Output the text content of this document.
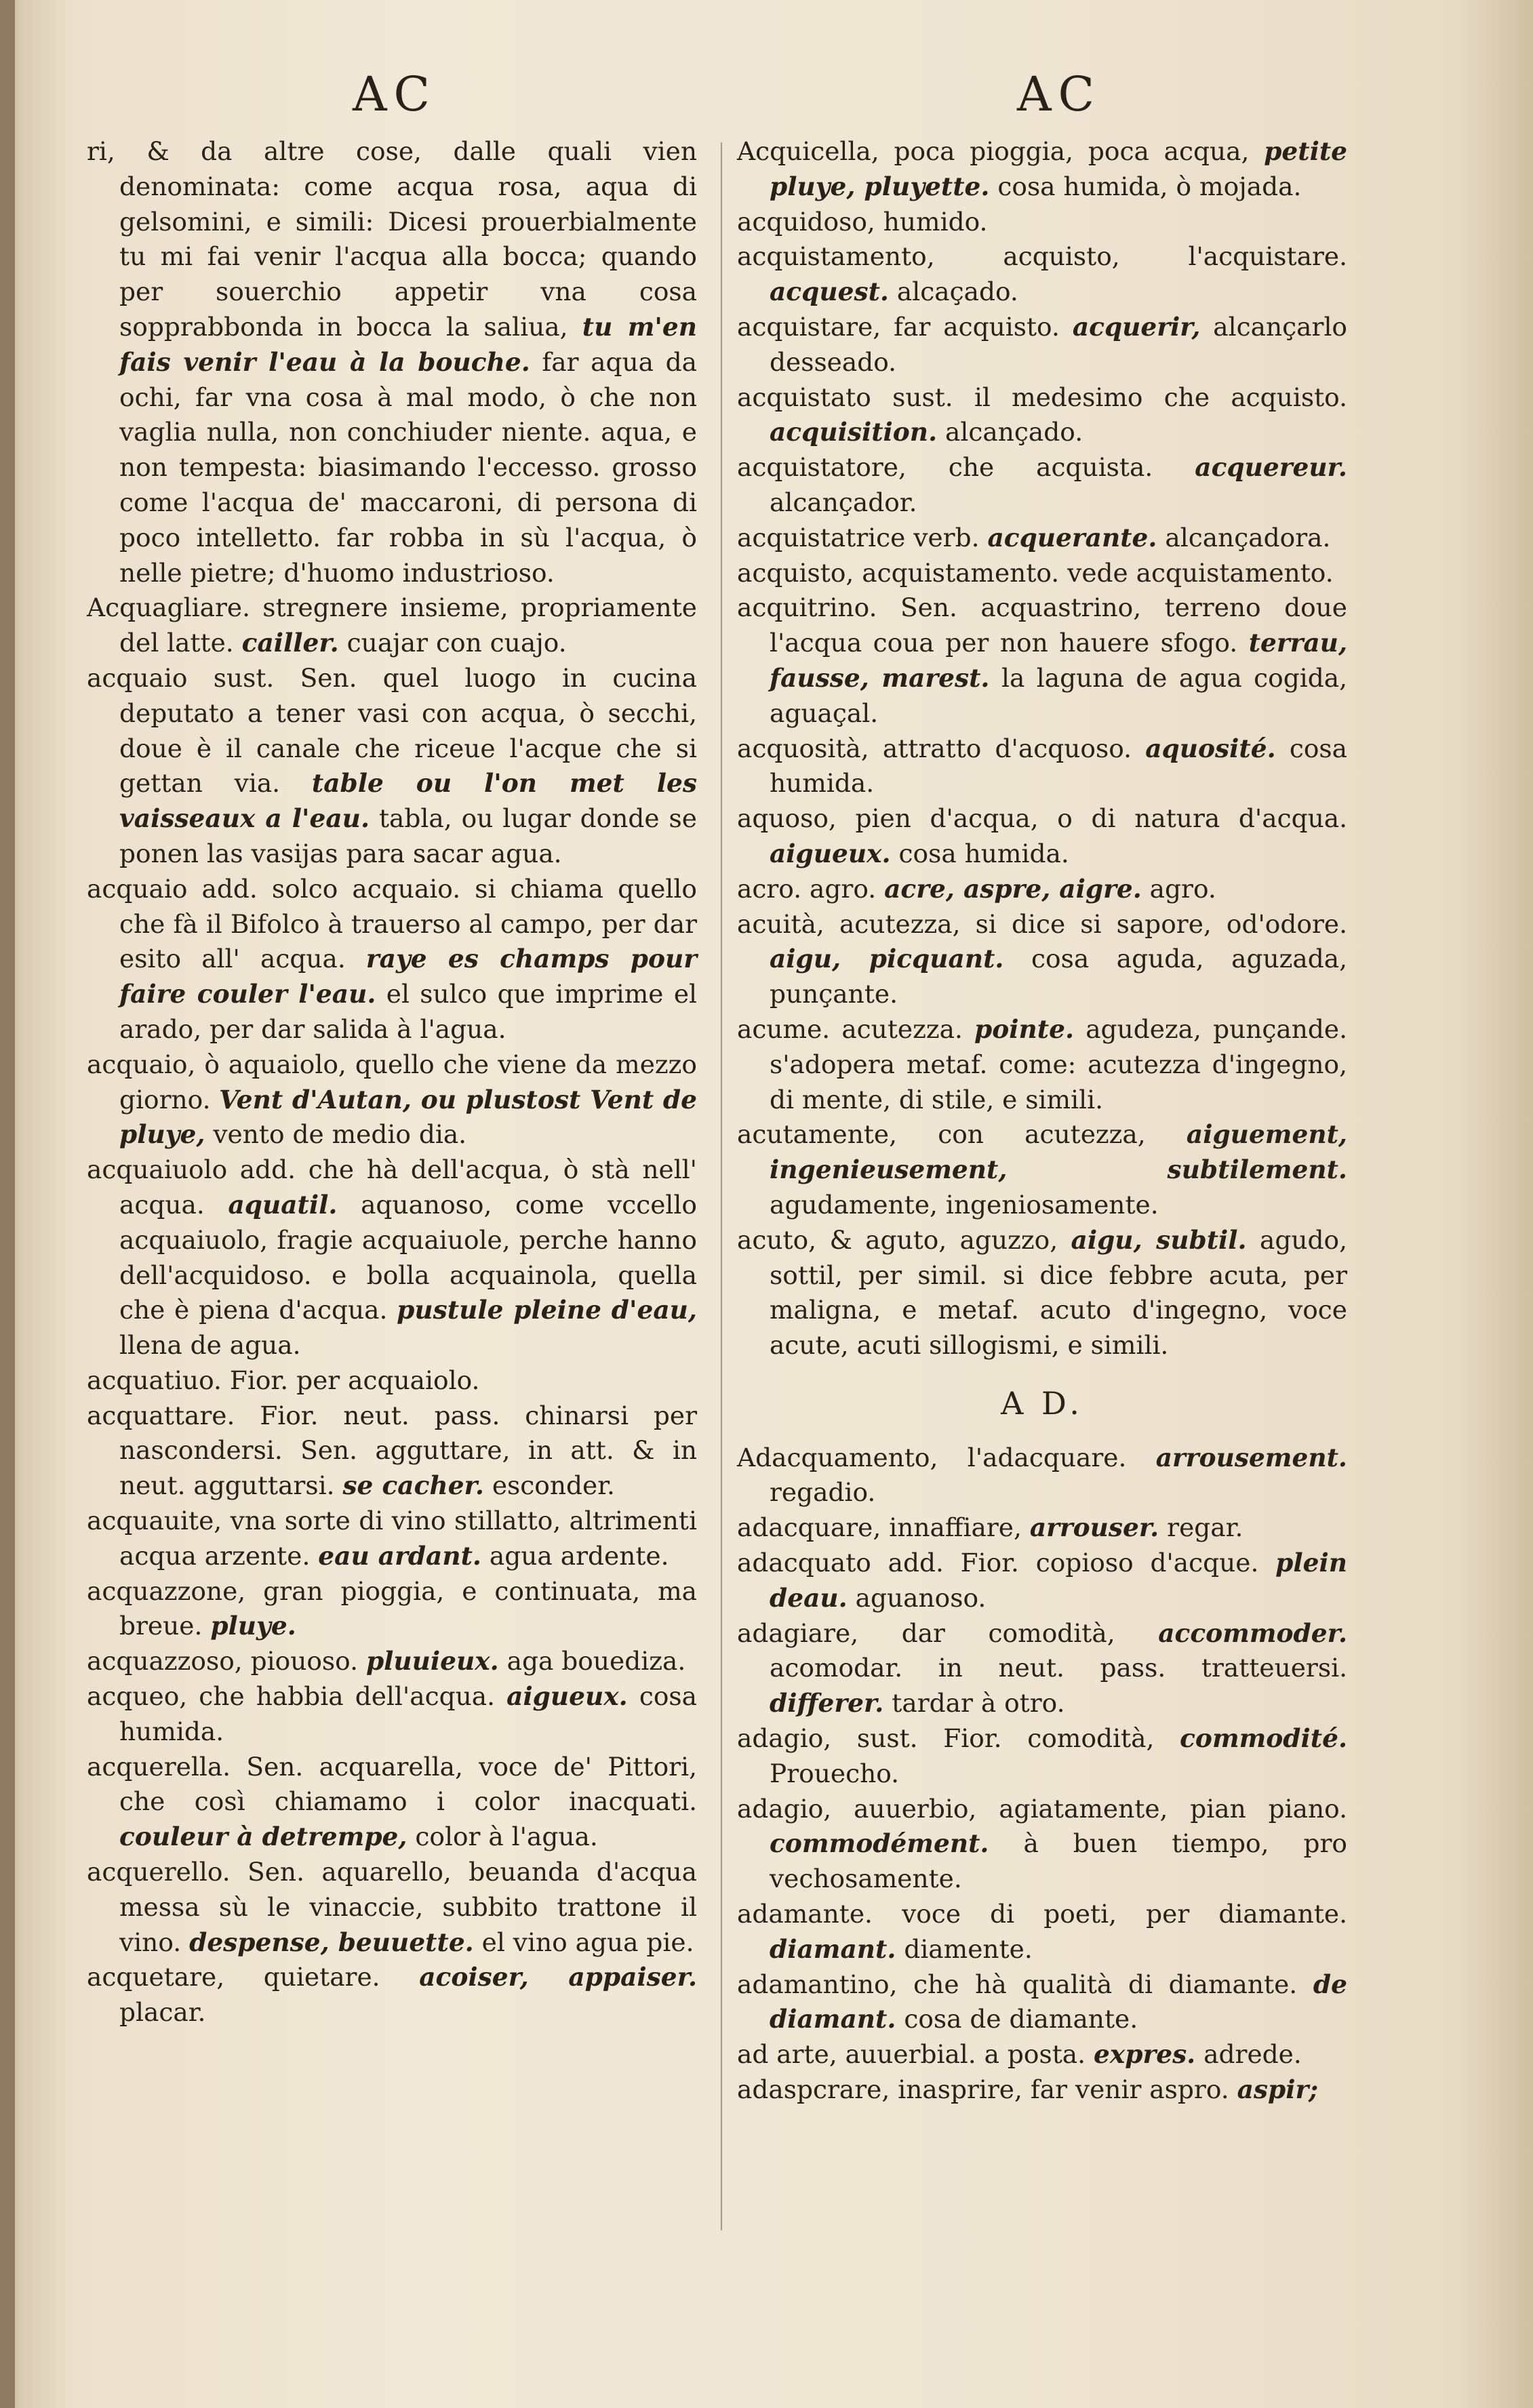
AC	AC

ri, & da altre cose, dalle quali vien denominata: come acqua rosa, aqua di gelsomini, e simili: Dicesi prouerbialmente tu mi fai venir l'acqua alla bocca; quando per souerchio appetir vna cosa sopprabbonda in bocca la saliua, tu m'en fais venir l'eau à la bouche. far aqua da ochi, far vna cosa à mal modo, ò che non vaglia nulla, non conchiuder niente. aqua, e non tempesta: biasimando l'eccesso. grosso come l'acqua de' maccaroni, di persona di poco intelletto. far robba in sù l'acqua, ò nelle pietre; d'huomo industrioso.

Acquagliare. stregnere insieme, propriamente del latte. cailler. cuajar con cuajo.

acquaio sust. Sen. quel luogo in cucina deputato a tener vasi con acqua, ò secchi, doue è il canale che riceue l'acque che si gettan via. table ou l'on met les vaisseaux a l'eau. tabla, ou lugar donde se ponen las vasijas para sacar agua.

acquaio add. solco acquaio. si chiama quello che fà il Bifolco à trauerso al campo, per dar esito all' acqua. raye es champs pour faire couler l'eau. el sulco que imprime el arado, per dar salida à l'agua.

acquaio, ò aquaiolo, quello che viene da mezzo giorno. Vent d'Autan, ou plustost Vent de pluye, vento de medio dia.

acquaiuolo add. che hà dell'acqua, ò stà nell' acqua. aquatil. aquanoso, come vccello acquaiuolo, fragie acquaiuole, perche hanno dell'acquidoso. e bolla acquainola, quella che è piena d'acqua. pustule pleine d'eau, llena de agua.

acquatiuo. Fior. per acquaiolo.

acquattare. Fior. neut. pass. chinarsi per nascondersi. Sen. agguttare, in att. & in neut. agguttarsi. se cacher. esconder.

acquauite, vna sorte di vino stillatto, altrimenti acqua arzente. eau ardant. agua ardente.

acquazzone, gran pioggia, e continuata, ma breue. pluye.

acquazzoso, piouoso. pluuieux. aga bouediza.

acqueo, che habbia dell'acqua. aigueux. cosa humida.

acquerella. Sen. acquarella, voce de' Pittori, che così chiamamo i color inacquati. couleur à detrempe, color à l'agua.

acquerello. Sen. aquarello, beuanda d'acqua messa sù le vinaccie, subbito trattone il vino. despense, beuuette. el vino agua pie.

acquetare, quietare. acoiser, appaiser. placar.

Acquicella, poca pioggia, poca acqua, petite pluye, pluyette. cosa humida, ò mojada.

acquidoso, humido.

acquistamento, acquisto, l'acquistare. acquest. alcaçado.

acquistare, far acquisto. acquerir, alcançarlo desseado.

acquistato sust. il medesimo che acquisto. acquisition. alcançado.

acquistatore, che acquista. acquereur. alcançador.

acquistatrice verb. acquerante. alcançadora.

acquisto, acquistamento. vede acquistamento.

acquitrino. Sen. acquastrino, terreno doue l'acqua coua per non hauere sfogo. terrau, fausse, marest. la laguna de agua cogida, aguaçal.

acquosità, attratto d'acquoso. aquosité. cosa humida.

aquoso, pien d'acqua, o di natura d'acqua. aigueux. cosa humida.

acro. agro. acre, aspre, aigre. agro.

acuità, acutezza, si dice si sapore, od'odore. aigu, picquant. cosa aguda, aguzada, punçante.

acume. acutezza. pointe. agudeza, punçande. s'adopera metaf. come: acutezza d'ingegno, di mente, di stile, e simili.

acutamente, con acutezza, aiguement, ingenieusement, subtilement. agudamente, ingeniosamente.

acuto, & aguto, aguzzo, aigu, subtil. agudo, sottil, per simil. si dice febbre acuta, per maligna, e metaf. acuto d'ingegno, voce acute, acuti sillogismi, e simili.

A D.

Adacquamento, l'adacquare. arrousement. regadio.

adacquare, innaffiare, arrouser. regar.

adacquato add. Fior. copioso d'acque. plein deau. aguanoso.

adagiare, dar comodità, accommoder. acomodar. in neut. pass. tratteuersi. differer. tardar à otro.

adagio, sust. Fior. comodità, commodité. Prouecho.

adagio, auuerbio, agiatamente, pian piano. commodément. à buen tiempo, pro vechosamente.

adamante. voce di poeti, per diamante. diamant. diamente.

adamantino, che hà qualità di diamante. de diamant. cosa de diamante.

ad arte, auuerbial. a posta. expres. adrede.

adaspcrare, inasprire, far venir aspro. aspir;
